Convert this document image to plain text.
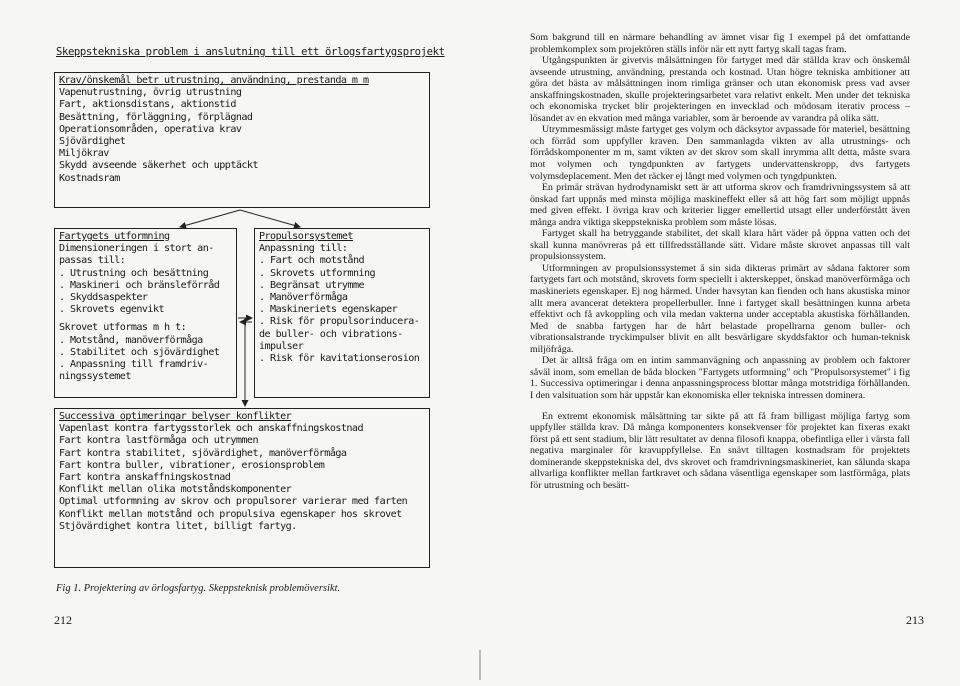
Skeppstekniska problem i anslutning till ett örlogsfartygsprojekt
Krav/önskemål betr utrustning, användning, prestanda m m
Vapenutrustning, övrig utrustning
Fart, aktionsdistans, aktionstid
Besättning, förläggning, förplägnad
Operationsområden, operativa krav
Sjövärdighet
Miljökrav
Skydd avseende säkerhet och upptäckt
Kostnadsram
Fartygets utformning
Dimensioneringen i stort an-
passas till:
. Utrustning och besättning
. Maskineri och bränsleförråd
. Skyddsaspekter
. Skrovets egenvikt
Skrovet utformas m h t:
. Motstånd, manöverförmåga
. Stabilitet och sjövärdighet
. Anpassning till framdriv-
ningssystemet
Propulsorsystemet
Anpassning till:
. Fart och motstånd
. Skrovets utformning
. Begränsat utrymme
. Manöverförmåga
. Maskineriets egenskaper
. Risk för propulsorinducera-
de buller- och vibrations-
impulser
. Risk för kavitationserosion
Successiva optimeringar belyser konflikter
Vapenlast kontra fartygsstorlek och anskaffningskostnad
Fart kontra lastförmåga och utrymmen
Fart kontra stabilitet, sjövärdighet, manöverförmåga
Fart kontra buller, vibrationer, erosionsproblem
Fart kontra anskaffningskostnad
Konflikt mellan olika motståndskomponenter
Optimal utformning av skrov och propulsorer varierar med farten
Konflikt mellan motstånd och propulsiva egenskaper hos skrovet
Stjövärdighet kontra litet, billigt fartyg.
Fig 1. Projektering av örlogsfartyg. Skeppsteknisk problemöversikt.
212

Som bakgrund till en närmare behandling av ämnet visar fig 1 exempel på det omfattande problemkomplex som projektören ställs inför när ett nytt fartyg skall tagas fram.

Utgångspunkten är givetvis målsättningen för fartyget med där ställda krav och önskemål avseende utrustning, användning, prestanda och kostnad. Utan högre tekniska ambitioner att göra det bästa av målsättningen inom rimliga gränser och utan ekonomisk press vad avser anskaffningskostnaden, skulle projekteringsarbetet vara relativt enkelt. Men under det tekniska och ekonomiska trycket blir projekteringen en invecklad och mödosam iterativ process – lösandet av en ekvation med många variabler, som är beroende av varandra på olika sätt.

Utrymmesmässigt måste fartyget ges volym och däcksytor avpassade för materiel, besättning och förråd som uppfyller kraven. Den sammanlagda vikten av alla utrustnings- och förrådskomponenter m m, samt vikten av det skrov som skall inrymma allt detta, måste svara mot volymen och tyngdpunkten av fartygets undervattenskropp, dvs fartygets volymsdeplacement. Men det räcker ej långt med volymen och tyngdpunkten.

En primär strävan hydrodynamiskt sett är att utforma skrov och framdrivningssystem så att önskad fart uppnås med minsta möjliga maskineffekt eller så att hög fart som möjligt uppnås med given effekt. I övriga krav och kriterier ligger emellertid utsagt eller underförstått även många andra viktiga skeppstekniska problem som måste lösas.

Fartyget skall ha betryggande stabilitet, det skall klara hårt väder på öppna vatten och det skall kunna manövreras på ett tillfredsställande sätt. Vidare måste skrovet anpassas till valt propulsionssystem.

Utformningen av propulsionssystemet å sin sida dikteras primärt av sådana faktorer som fartygets fart och motstånd, skrovets form speciellt i akterskeppet, önskad manöverförmåga och maskineriets egenskaper. Ej nog härmed. Under havsytan kan fienden och hans akustiska minor allt mera avancerat detektera propellerbuller. Inne i fartyget skall besättningen kunna arbeta effektivt och få avkoppling och vila medan vakterna under acceptabla akustiska förhållanden. Med de snabba fartygen har de hårt belastade propellrarna genom buller- och vibrationsalstrande tryckimpulser blivit en allt besvärligare skyddsfaktor och human-teknisk miljöfråga.

Det är alltså fråga om en intim sammanvägning och anpassning av problem och faktorer såväl inom, som emellan de båda blocken "Fartygets utformning" och "Propulsorsystemet" i fig 1. Successiva optimeringar i denna anpassningsprocess blottar många motstridiga förhållanden. I den valsituation som här uppstår kan ekonomiska eller tekniska intressen dominera.

En extremt ekonomisk målsättning tar sikte på att få fram billigast möjliga fartyg som uppfyller ställda krav. Då många komponenters konsekvenser för projektet kan fixeras exakt först på ett sent stadium, blir lätt resultatet av denna filosofi knappa, obefintliga eller i värsta fall negativa marginaler för kravuppfyllelse. En snävt tilltagen kostnadsram för projektets dominerande skeppstekniska del, dvs skrovet och framdrivningsmaskineriet, kan sålunda skapa allvarliga konflikter mellan fartkravet och sådana väsentliga egenskaper som lastförmåga, plats för utrustning och besätt-

213
